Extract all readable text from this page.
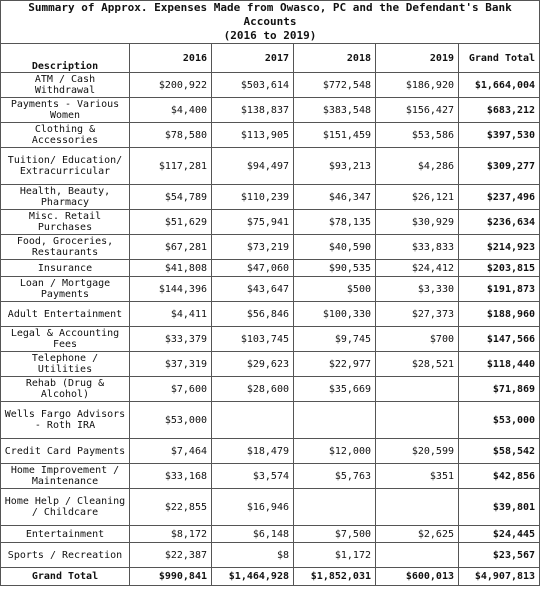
Summary of Approx. Expenses Made from Owasco, PC and the Defendant's Bank Accounts
(2016 to 2019)					

Description	2016	2017	2018	2019	Grand Total
ATM / Cash Withdrawal	$200,922	$503,614	$772,548	$186,920	$1,664,004
Payments - Various Women	$4,400	$138,837	$383,548	$156,427	$683,212
Clothing & Accessories	$78,580	$113,905	$151,459	$53,586	$397,530
Tuition/ Education/ Extracurricular	$117,281	$94,497	$93,213	$4,286	$309,277
Health, Beauty, Pharmacy	$54,789	$110,239	$46,347	$26,121	$237,496
Misc. Retail Purchases	$51,629	$75,941	$78,135	$30,929	$236,634
Food, Groceries, Restaurants	$67,281	$73,219	$40,590	$33,833	$214,923
Insurance	$41,808	$47,060	$90,535	$24,412	$203,815
Loan / Mortgage Payments	$144,396	$43,647	$500	$3,330	$191,873
Adult Entertainment	$4,411	$56,846	$100,330	$27,373	$188,960
Legal & Accounting Fees	$33,379	$103,745	$9,745	$700	$147,566
Telephone / Utilities	$37,319	$29,623	$22,977	$28,521	$118,440
Rehab (Drug & Alcohol)	$7,600	$28,600	$35,669		$71,869
Wells Fargo Advisors - Roth IRA	$53,000				$53,000
Credit Card Payments	$7,464	$18,479	$12,000	$20,599	$58,542
Home Improvement / Maintenance	$33,168	$3,574	$5,763	$351	$42,856
Home Help / Cleaning / Childcare	$22,855	$16,946			$39,801
Entertainment	$8,172	$6,148	$7,500	$2,625	$24,445
Sports / Recreation	$22,387	$8	$1,172		$23,567
Grand Total	$990,841	$1,464,928	$1,852,031	$600,013	$4,907,813
